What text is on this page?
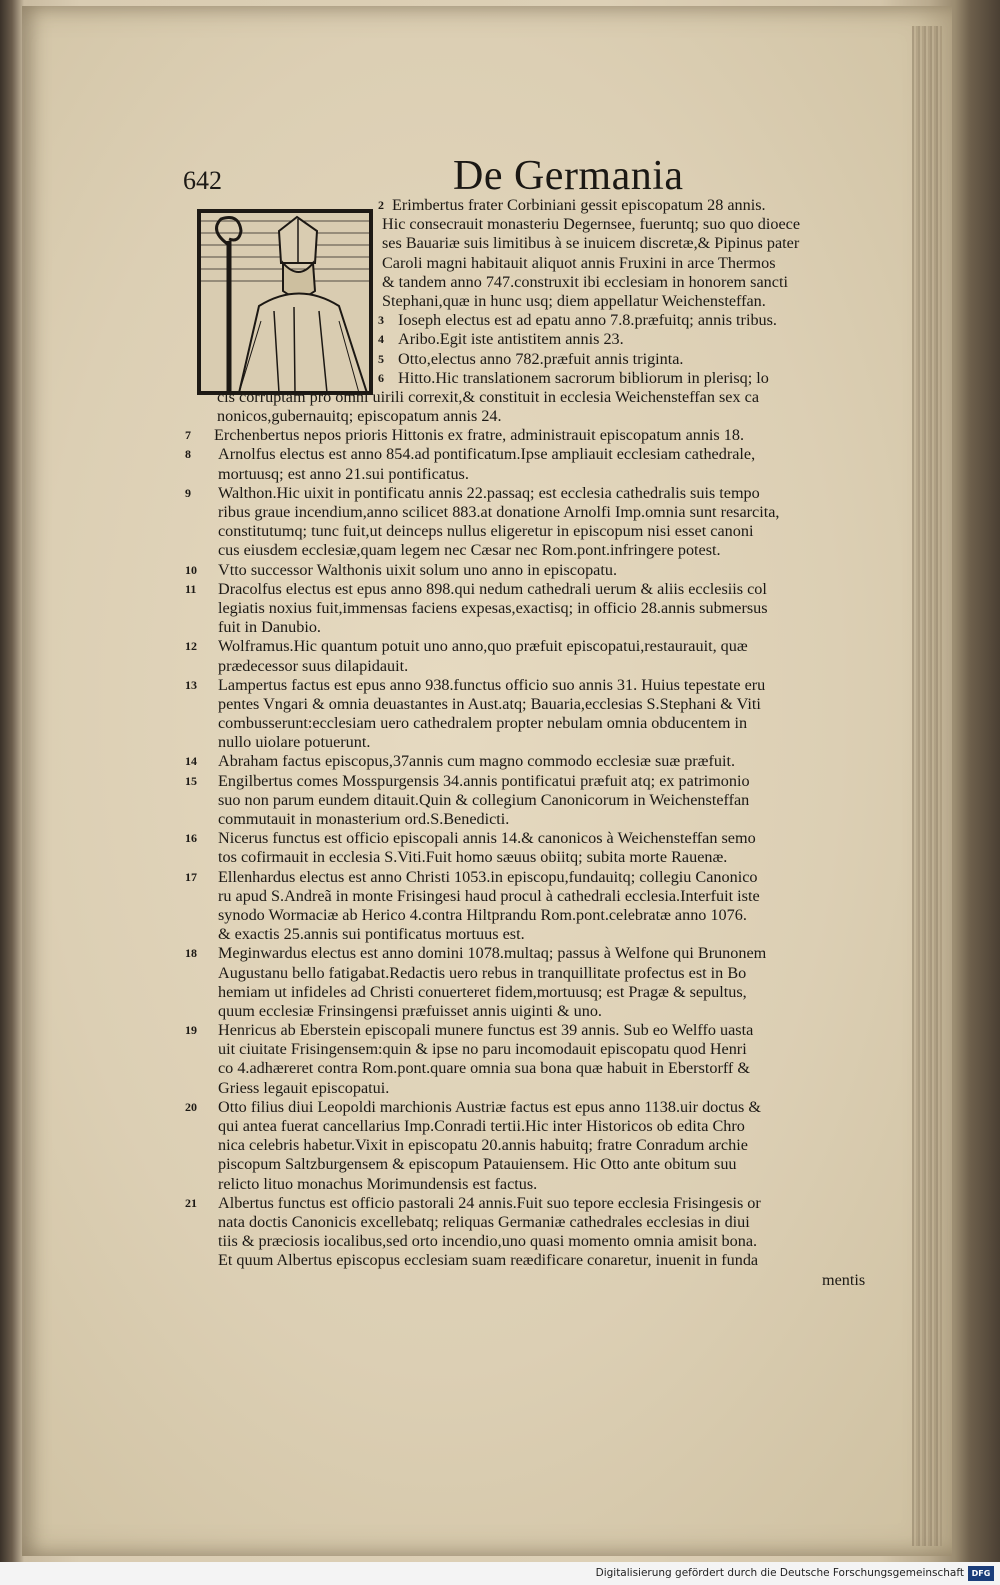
642	De Germania
2 Erimbertus frater Corbiniani gessit episcopatum 28 annis.
Hic consecrauit monasteriu Degernsee, fueruntq; suo quo dioece
ses Bauariæ suis limitibus à se inuicem discretæ,& Pipinus pater
Caroli magni habitauit aliquot annis Fruxini in arce Thermos
& tandem anno 747.construxit ibi ecclesiam in honorem sancti
Stephani,quæ in hunc usq; diem appellatur Weichensteffan.
3 Ioseph electus est ad epatu anno 7.8.præfuitq; annis tribus.
4 Aribo.Egit iste antistitem annis 23.
5 Otto,electus anno 782.præfuit annis triginta.
6 Hitto.Hic translationem sacrorum bibliorum in plerisq; lo
cis corruptam pro omni uirili correxit,& constituit in ecclesia Weichensteffan sex ca
nonicos,gubernauitq; episcopatum annis 24.
7	Erchenbertus nepos prioris Hittonis ex fratre, administrauit episcopatum annis 18.
8	Arnolfus electus est anno 854.ad pontificatum.Ipse ampliauit ecclesiam cathedrale,
mortuusq; est anno 21.sui pontificatus.
9	Walthon.Hic uixit in pontificatu annis 22.passaq; est ecclesia cathedralis suis tempo
ribus graue incendium,anno scilicet 883.at donatione Arnolfi Imp.omnia sunt resarcita,
constitutumq; tunc fuit,ut deinceps nullus eligeretur in episcopum nisi esset canoni
cus eiusdem ecclesiæ,quam legem nec Cæsar nec Rom.pont.infringere potest.
10	Vtto successor Walthonis uixit solum uno anno in episcopatu.
11	Dracolfus electus est epus anno 898.qui nedum cathedrali uerum & aliis ecclesiis col
legiatis noxius fuit,immensas faciens expesas,exactisq; in officio 28.annis submersus
fuit in Danubio.
12	Wolframus.Hic quantum potuit uno anno,quo præfuit episcopatui,restaurauit, quæ
prædecessor suus dilapidauit.
13	Lampertus factus est epus anno 938.functus officio suo annis 31. Huius tepestate eru
pentes Vngari & omnia deuastantes in Aust.atq; Bauaria,ecclesias S.Stephani & Viti
combusserunt:ecclesiam uero cathedralem propter nebulam omnia obducentem in
nullo uiolare potuerunt.
14	Abraham factus episcopus,37annis cum magno commodo ecclesiæ suæ præfuit.
15	Engilbertus comes Mosspurgensis 34.annis pontificatui præfuit atq; ex patrimonio
suo non parum eundem ditauit.Quin & collegium Canonicorum in Weichensteffan
commutauit in monasterium ord.S.Benedicti.
16	Nicerus functus est officio episcopali annis 14.& canonicos à Weichensteffan semo
tos cofirmauit in ecclesia S.Viti.Fuit homo sæuus obiitq; subita morte Rauenæ.
17	Ellenhardus electus est anno Christi 1053.in episcopu,fundauitq; collegiu Canonico
ru apud S.Andreã in monte Frisingesi haud procul à cathedrali ecclesia.Interfuit iste
synodo Wormaciæ ab Herico 4.contra Hiltprandu Rom.pont.celebratæ anno 1076.
& exactis 25.annis sui pontificatus mortuus est.
18	Meginwardus electus est anno domini 1078.multaq; passus à Welfone qui Brunonem
Augustanu bello fatigabat.Redactis uero rebus in tranquillitate profectus est in Bo
hemiam ut infideles ad Christi conuerteret fidem,mortuusq; est Pragæ & sepultus,
quum ecclesiæ Frinsingensi præfuisset annis uiginti & uno.
19	Henricus ab Eberstein episcopali munere functus est 39 annis. Sub eo Welffo uasta
uit ciuitate Frisingensem:quin & ipse no paru incomodauit episcopatu quod Henri
co 4.adhæreret contra Rom.pont.quare omnia sua bona quæ habuit in Eberstorff &
Griess legauit episcopatui.
20	Otto filius diui Leopoldi marchionis Austriæ factus est epus anno 1138.uir doctus &
qui antea fuerat cancellarius Imp.Conradi tertii.Hic inter Historicos ob edita Chro
nica celebris habetur.Vixit in episcopatu 20.annis habuitq; fratre Conradum archie
piscopum Saltzburgensem & episcopum Patauiensem. Hic Otto ante obitum suu
relicto lituo monachus Morimundensis est factus.
21	Albertus functus est officio pastorali 24 annis.Fuit suo tepore ecclesia Frisingesis or
nata doctis Canonicis excellebatq; reliquas Germaniæ cathedrales ecclesias in diui
tiis & præciosis iocalibus,sed orto incendio,uno quasi momento omnia amisit bona.
Et quum Albertus episcopus ecclesiam suam reædificare conaretur, inuenit in funda
mentis
Digitalisierung gefördert durch die Deutsche Forschungsgemeinschaft DFG
